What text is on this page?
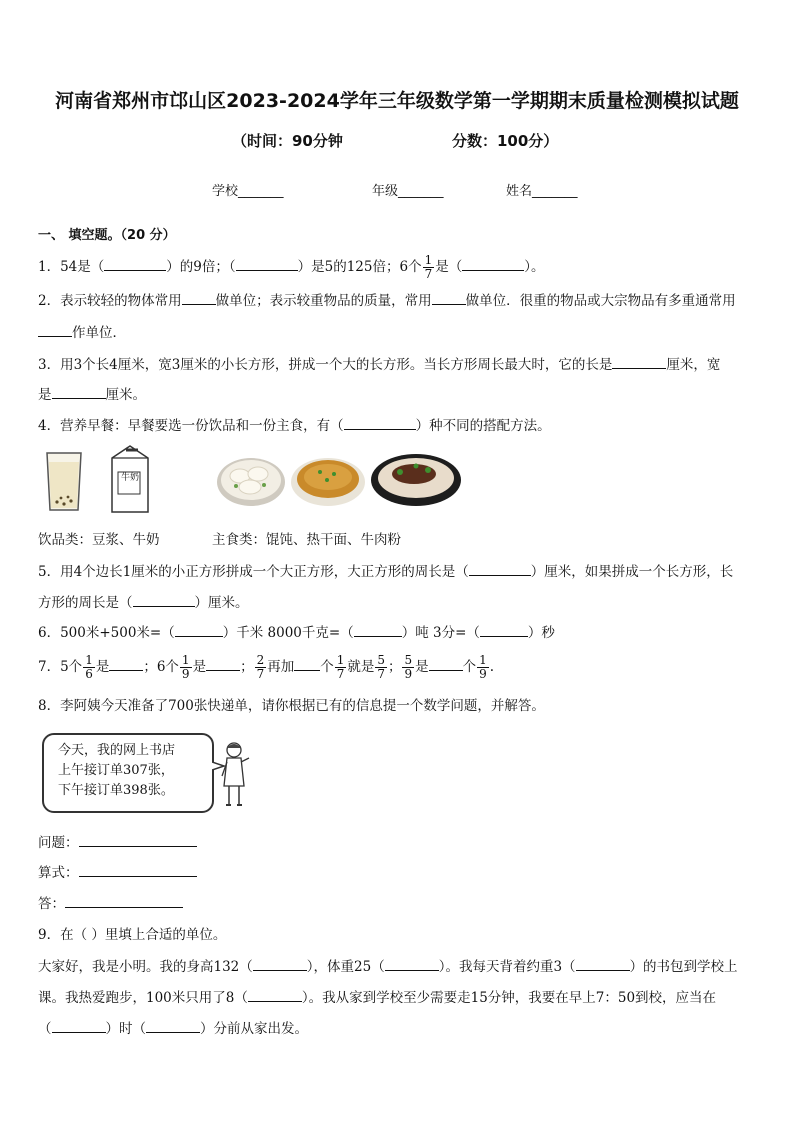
河南省郑州市邙山区2023-2024学年三年级数学第一学期期末质量检测模拟试题
（时间：90分钟	分数：100分）
学校_______	年级_______	姓名_______
一、 填空题。（20 分）
1．54是（	）的9倍；（	）是5的125倍；6个 $\frac{1}{7}$ 是（	）。
2．表示较轻的物体常用	做单位；表示较重物品的质量，常用	做单位．很重的物品或大宗物品有多重通常用
作单位．
3．用3个长4厘米，宽3厘米的小长方形，拼成一个大的长方形。当长方形周长最大时，它的长是	厘米，宽
是	厘米。
4．营养早餐：早餐要选一份饮品和一份主食，有（	）种不同的搭配方法。
牛奶
饮品类：豆浆、牛奶	主食类：馄饨、热干面、牛肉粉
5．用4个边长1厘米的小正方形拼成一个大正方形，大正方形的周长是（	）厘米，如果拼成一个长方形，长
方形的周长是（	）厘米。
6．500米+500米=（	）千米 8000千克=（	）吨 3分=（	）秒
7．5个 $\frac{1}{6}$ 是	；6个 $\frac{1}{9}$ 是	； $\frac{2}{7}$ 再加 个 $\frac{1}{7}$ 就是 $\frac{5}{7}$ ； $\frac{5}{9}$ 是	个 $\frac{1}{9}$ .
8．李阿姨今天准备了700张快递单，请你根据已有的信息提一个数学问题，并解答。
今天，我的网上书店
上午接订单307张，
下午接订单398张。
问题：
算式：
答：
9．在（ ）里填上合适的单位。
大家好，我是小明。我的身高132（	），体重25（	）。我每天背着约重3（	）的书包到学校上
课。我热爱跑步，100米只用了8（	）。我从家到学校至少需要走15分钟，我要在早上7：50到校，应当在
（	）时（	）分前从家出发。
